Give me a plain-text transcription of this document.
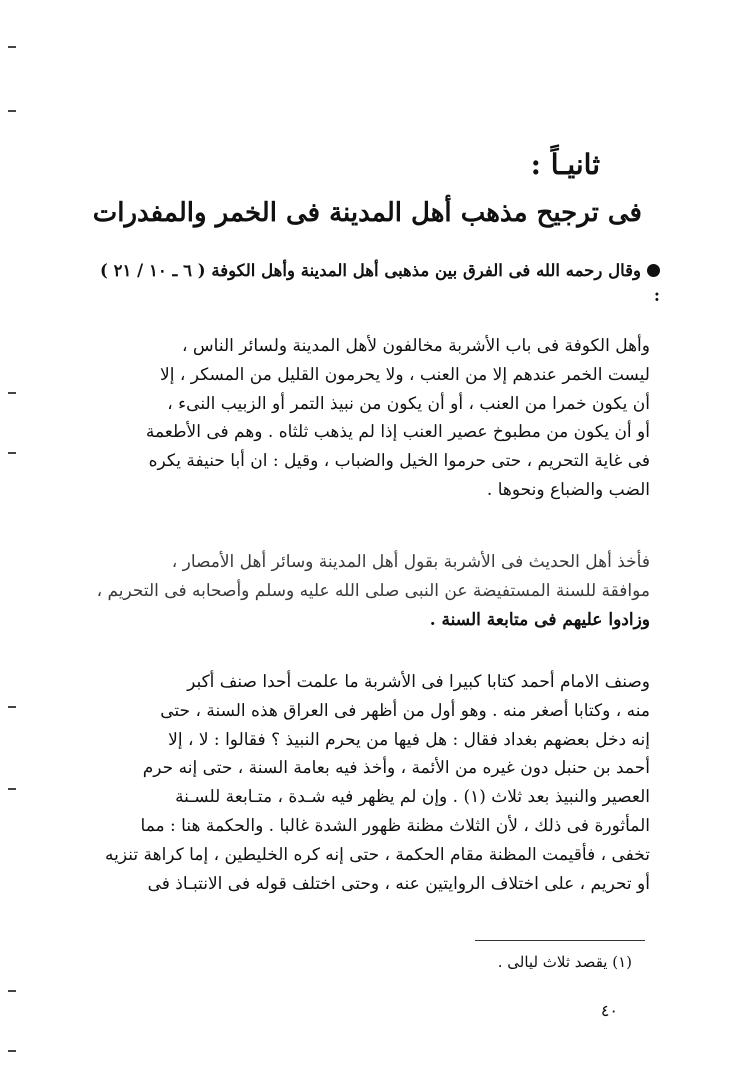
ثانيـاً :
فى ترجيح مذهب أهل المدينة فى الخمر والمفدرات
وقال رحمه الله فى الفرق بين مذهبى أهل المدينة وأهل الكوفة ( ٦ ـ ١٠ / ٢١ ) :

وأهل الكوفة فى باب الأشربة مخالفون لأهل المدينة ولسائر الناس ،
ليست الخمر عندهم إلا من العنب ، ولا يحرمون القليل من المسكر ، إلا
أن يكون خمرا من العنب ، أو أن يكون من نبيذ التمر أو الزبيب النىء ،
أو أن يكون من مطبوخ عصير العنب إذا لم يذهب ثلثاه . وهم فى الأطعمة
فى غاية التحريم ، حتى حرموا الخيل والضباب ، وقيل : ان أبا حنيفة يكره
الضب والضباع ونحوها .

فأخذ أهل الحديث فى الأشربة بقول أهل المدينة وسائر أهل الأمصار ،
موافقة للسنة المستفيضة عن النبى صلى الله عليه وسلم وأصحابه فى التحريم ،
وزادوا عليهم فى متابعة السنة .

وصنف الامام أحمد كتابا كبيرا فى الأشربة ما علمت أحدا صنف أكبر
منه ، وكتابا أصغر منه . وهو أول من أظهر فى العراق هذه السنة ، حتى
إنه دخل بعضهم بغداد فقال : هل فيها من يحرم النبيذ ؟ فقالوا : لا ، إلا
أحمد بن حنبل دون غيره من الأئمة ، وأخذ فيه بعامة السنة ، حتى إنه حرم
العصير والنبيذ بعد ثلاث (١) . وإن لم يظهر فيه شـدة ، متـابعة للسـنة
المأثورة فى ذلك ، لأن الثلاث مظنة ظهور الشدة غالبا . والحكمة هنا : مما
تخفى ، فأقيمت المظنة مقام الحكمة ، حتى إنه كره الخليطين ، إما كراهة تنزيه
أو تحريم ، على اختلاف الروايتين عنه ، وحتى اختلف قوله فى الانتبـاذ فى

(١) يقصد ثلاث ليالى .
٤٠
